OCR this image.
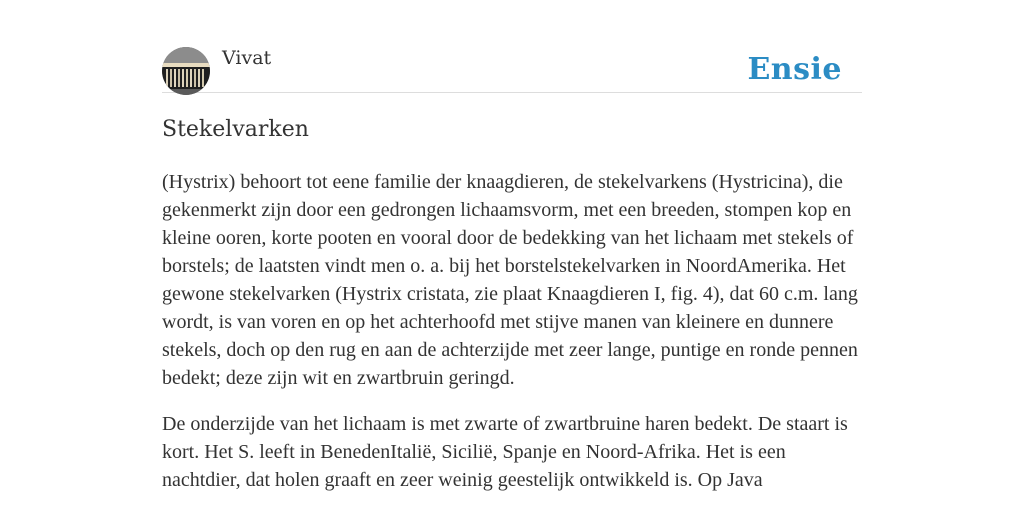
Vivat	Ensie
Stekelvarken

(Hystrix) behoort tot eene familie der knaagdieren, de stekelvarkens (Hystricina), die gekenmerkt zijn door een gedrongen lichaamsvorm, met een breeden, stompen kop en kleine ooren, korte pooten en vooral door de bedekking van het lichaam met stekels of borstels; de laatsten vindt men o. a. bij het borstelstekelvarken in NoordAmerika. Het gewone stekelvarken (Hystrix cristata, zie plaat Knaagdieren I, fig. 4), dat 60 c.m. lang wordt, is van voren en op het achterhoofd met stijve manen van kleinere en dunnere stekels, doch op den rug en aan de achterzijde met zeer lange, puntige en ronde pennen bedekt; deze zijn wit en zwartbruin geringd.

De onderzijde van het lichaam is met zwarte of zwartbruine haren bedekt. De staart is kort. Het S. leeft in BenedenItalië, Sicilië, Spanje en Noord-Afrika. Het is een nachtdier, dat holen graaft en zeer weinig geestelijk ontwikkeld is. Op Java
